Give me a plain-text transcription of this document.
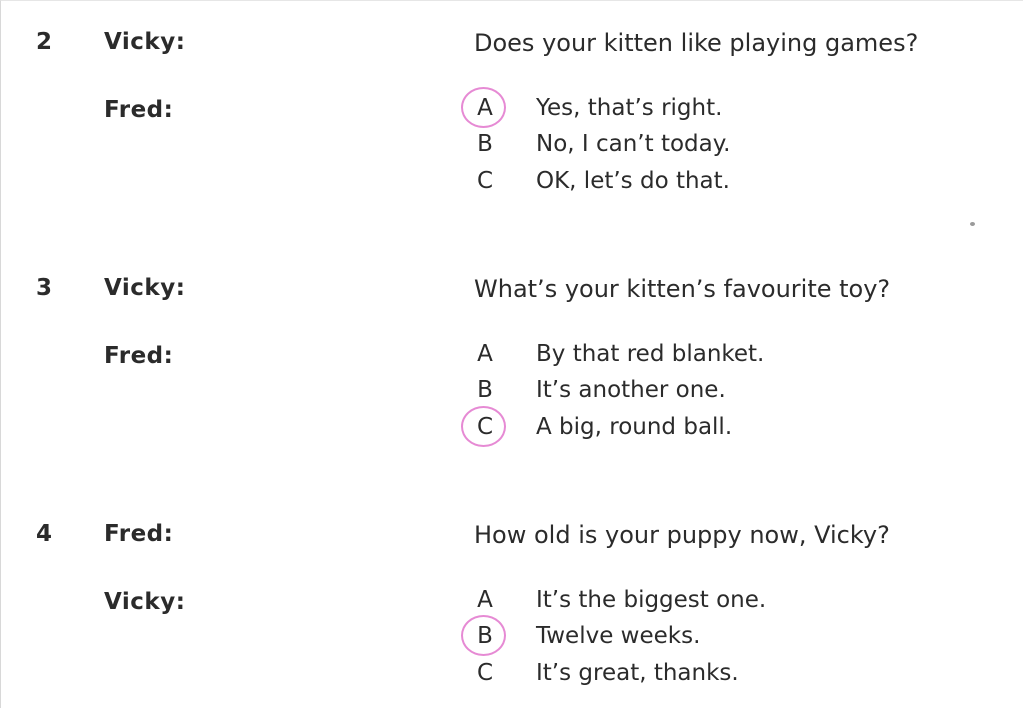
2 Vicky:	Does your kitten like playing games?
Fred:	A Yes, that’s right.
B No, I can’t today.
C OK, let’s do that.
3 Vicky:	What’s your kitten’s favourite toy?
Fred:	A By that red blanket.
B It’s another one.
C A big, round ball.
4 Fred:	How old is your puppy now, Vicky?
Vicky:	A It’s the biggest one.
B Twelve weeks.
C It’s great, thanks.
